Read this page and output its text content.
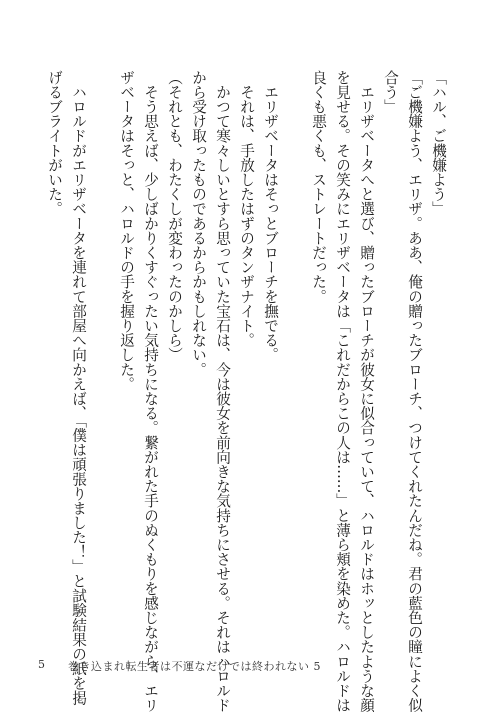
「ハル、ご機嫌よう」
「ご機嫌よう、エリザ。ああ、俺の贈ったブローチ、つけてくれたんだね。君の藍色の瞳によく似
合う」
　エリザベータへと選び、贈ったブローチが彼女に似合っていて、ハロルドはホッとしたような顔
を見せる。その笑みにエリザベータは「これだからこの人は……」と薄ら頬を染めた。ハロルドは
良くも悪くも、ストレートだった。
　エリザベータはそっとブローチを撫でる。
　それは、手放したはずのタンザナイト。
　かつて寒々しいとすら思っていた宝石は、今は彼女を前向きな気持ちにさせる。それはハロルド
から受け取ったものであるからかもしれない。
（それとも、わたくしが変わったのかしら）
　そう思えば、少しばかりくすぐったい気持ちになる。繋がれた手のぬくもりを感じながら、エリ
ザベータはそっと、ハロルドの手を握り返した。
　ハロルドがエリザベータを連れて部屋へ向かえば、「僕は頑張りました！」と試験結果の紙を掲
げるブライトがいた。
5 巻き込まれ転生者は不運なだけでは終われない 5
